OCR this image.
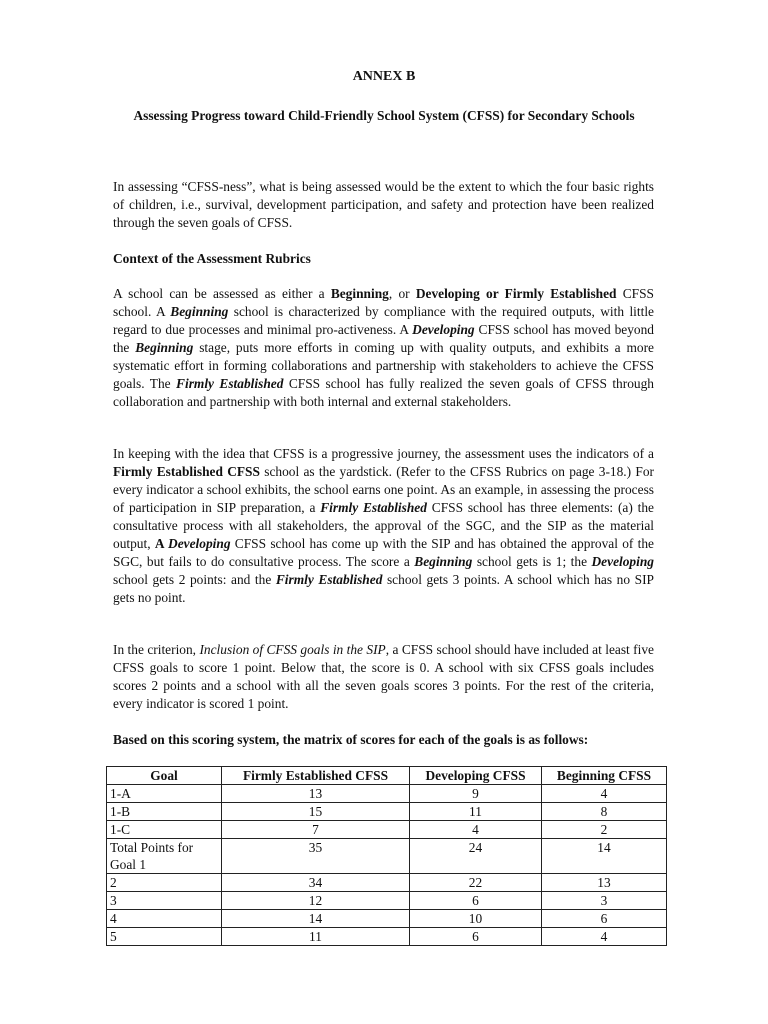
ANNEX B
Assessing Progress toward Child-Friendly School System (CFSS) for Secondary Schools

In assessing “CFSS-ness”, what is being assessed would be the extent to which the four basic rights of children, i.e., survival, development participation, and safety and protection have been realized through the seven goals of CFSS.

Context of the Assessment Rubrics

A school can be assessed as either a Beginning, or Developing or Firmly Established CFSS school. A Beginning school is characterized by compliance with the required outputs, with little regard to due processes and minimal pro-activeness. A Developing CFSS school has moved beyond the Beginning stage, puts more efforts in coming up with quality outputs, and exhibits a more systematic effort in forming collaborations and partnership with stakeholders to achieve the CFSS goals. The Firmly Established CFSS school has fully realized the seven goals of CFSS through collaboration and partnership with both internal and external stakeholders.

In keeping with the idea that CFSS is a progressive journey, the assessment uses the indicators of a Firmly Established CFSS school as the yardstick. (Refer to the CFSS Rubrics on page 3-18.) For every indicator a school exhibits, the school earns one point. As an example, in assessing the process of participation in SIP preparation, a Firmly Established CFSS school has three elements: (a) the consultative process with all stakeholders, the approval of the SGC, and the SIP as the material output, A Developing CFSS school has come up with the SIP and has obtained the approval of the SGC, but fails to do consultative process. The score a Beginning school gets is 1; the Developing school gets 2 points: and the Firmly Established school gets 3 points. A school which has no SIP gets no point.

In the criterion, Inclusion of CFSS goals in the SIP, a CFSS school should have included at least five CFSS goals to score 1 point. Below that, the score is 0. A school with six CFSS goals includes scores 2 points and a school with all the seven goals scores 3 points. For the rest of the criteria, every indicator is scored 1 point.

Based on this scoring system, the matrix of scores for each of the goals is as follows:
Goal	Firmly Established CFSS	Developing CFSS	Beginning CFSS
1-A	13	9	4
1-B	15	11	8
1-C	7	4	2
Total Points for Goal 1	35	24	14
2	34	22	13
3	12	6	3
4	14	10	6
5	11	6	4
